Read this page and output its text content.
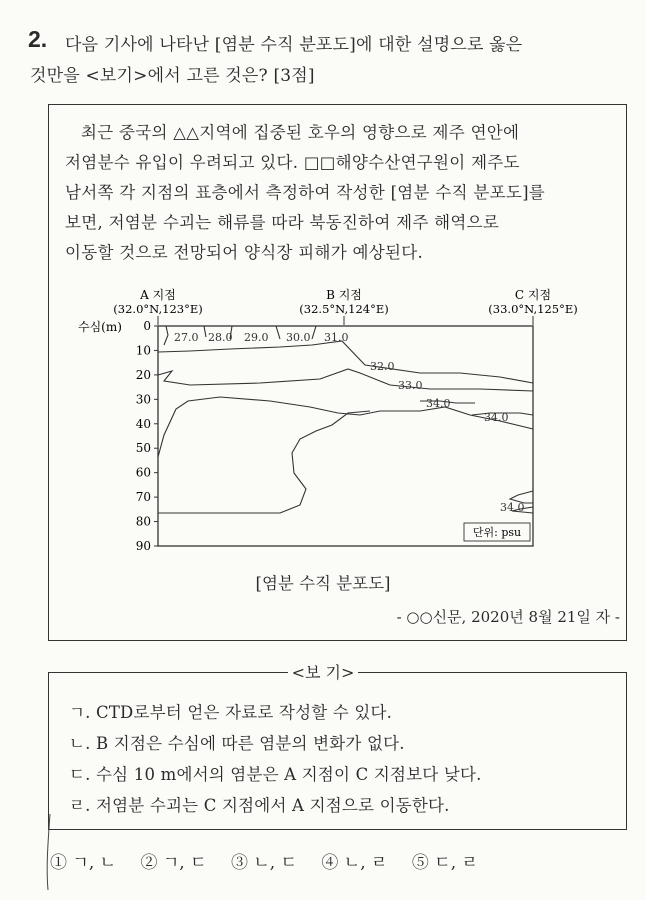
2. 다음 기사에 나타난 [염분 수직 분포도]에 대한 설명으로 옳은
것만을 <보기>에서 고른 것은? [3점]
최근 중국의 △△지역에 집중된 호우의 영향으로 제주 연안에
저염분수 유입이 우려되고 있다. □□해양수산연구원이 제주도
남서쪽 각 지점의 표층에서 측정하여 작성한 [염분 수직 분포도]를
보면, 저염분 수괴는 해류를 따라 북동진하여 제주 해역으로
이동할 것으로 전망되어 양식장 피해가 예상된다.
A 지점
(32.0°N,123°E)
B 지점
(32.5°N,124°E)
C 지점
(33.0°N,125°E)
수심(m) 0
10
20
30
40
50
60
70
80
90
27.0 28.0 29.0 30.0 31.0
32.0
33.0
34.0
34.0
34.0
단위: psu
[염분 수직 분포도]
- ○○신문, 2020년 8월 21일 자 -
ㄱ. CTD로부터 얻은 자료로 작성할 수 있다.
ㄴ. B 지점은 수심에 따른 염분의 변화가 없다.
ㄷ. 수심 10 m에서의 염분은 A 지점이 C 지점보다 낮다.
ㄹ. 저염분 수괴는 C 지점에서 A 지점으로 이동한다.
<보 기>
① ㄱ, ㄴ ② ㄱ, ㄷ ③ ㄴ, ㄷ ④ ㄴ, ㄹ ⑤ ㄷ, ㄹ
